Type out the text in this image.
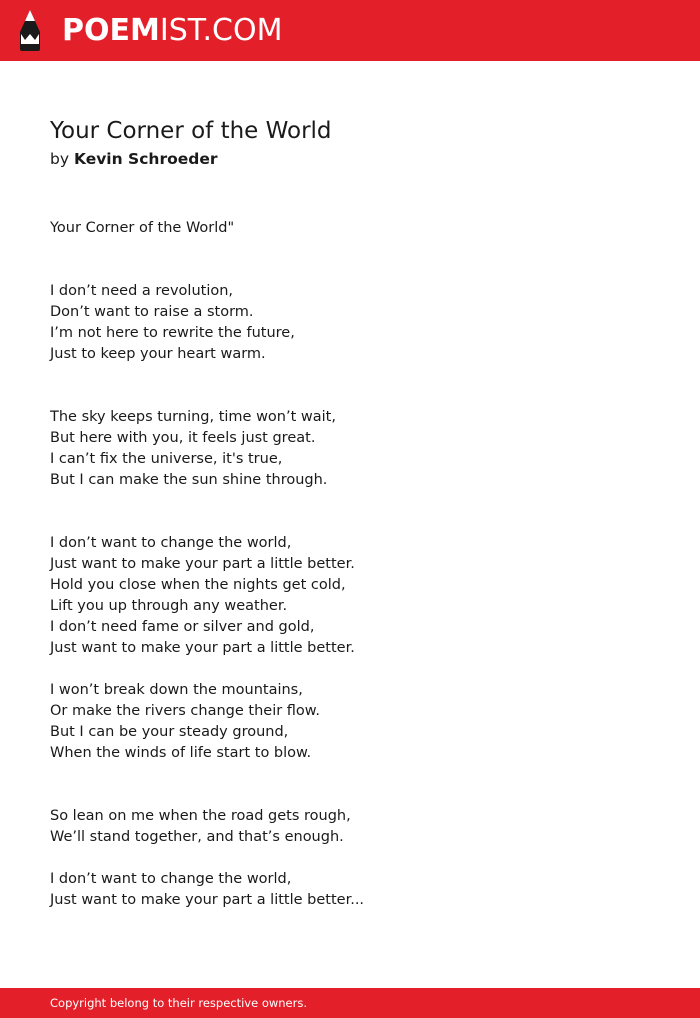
POEMIST.COM
Your Corner of the World
by Kevin Schroeder
Your Corner of the World"
I don’t need a revolution,
Don’t want to raise a storm.
I’m not here to rewrite the future,
Just to keep your heart warm.
The sky keeps turning, time won’t wait,
But here with you, it feels just great.
I can’t fix the universe, it's true,
But I can make the sun shine through.
I don’t want to change the world,
Just want to make your part a little better.
Hold you close when the nights get cold,
Lift you up through any weather.
I don’t need fame or silver and gold,
Just want to make your part a little better.
I won’t break down the mountains,
Or make the rivers change their flow.
But I can be your steady ground,
When the winds of life start to blow.
So lean on me when the road gets rough,
We’ll stand together, and that’s enough.
I don’t want to change the world,
Just want to make your part a little better...
Copyright belong to their respective owners.
